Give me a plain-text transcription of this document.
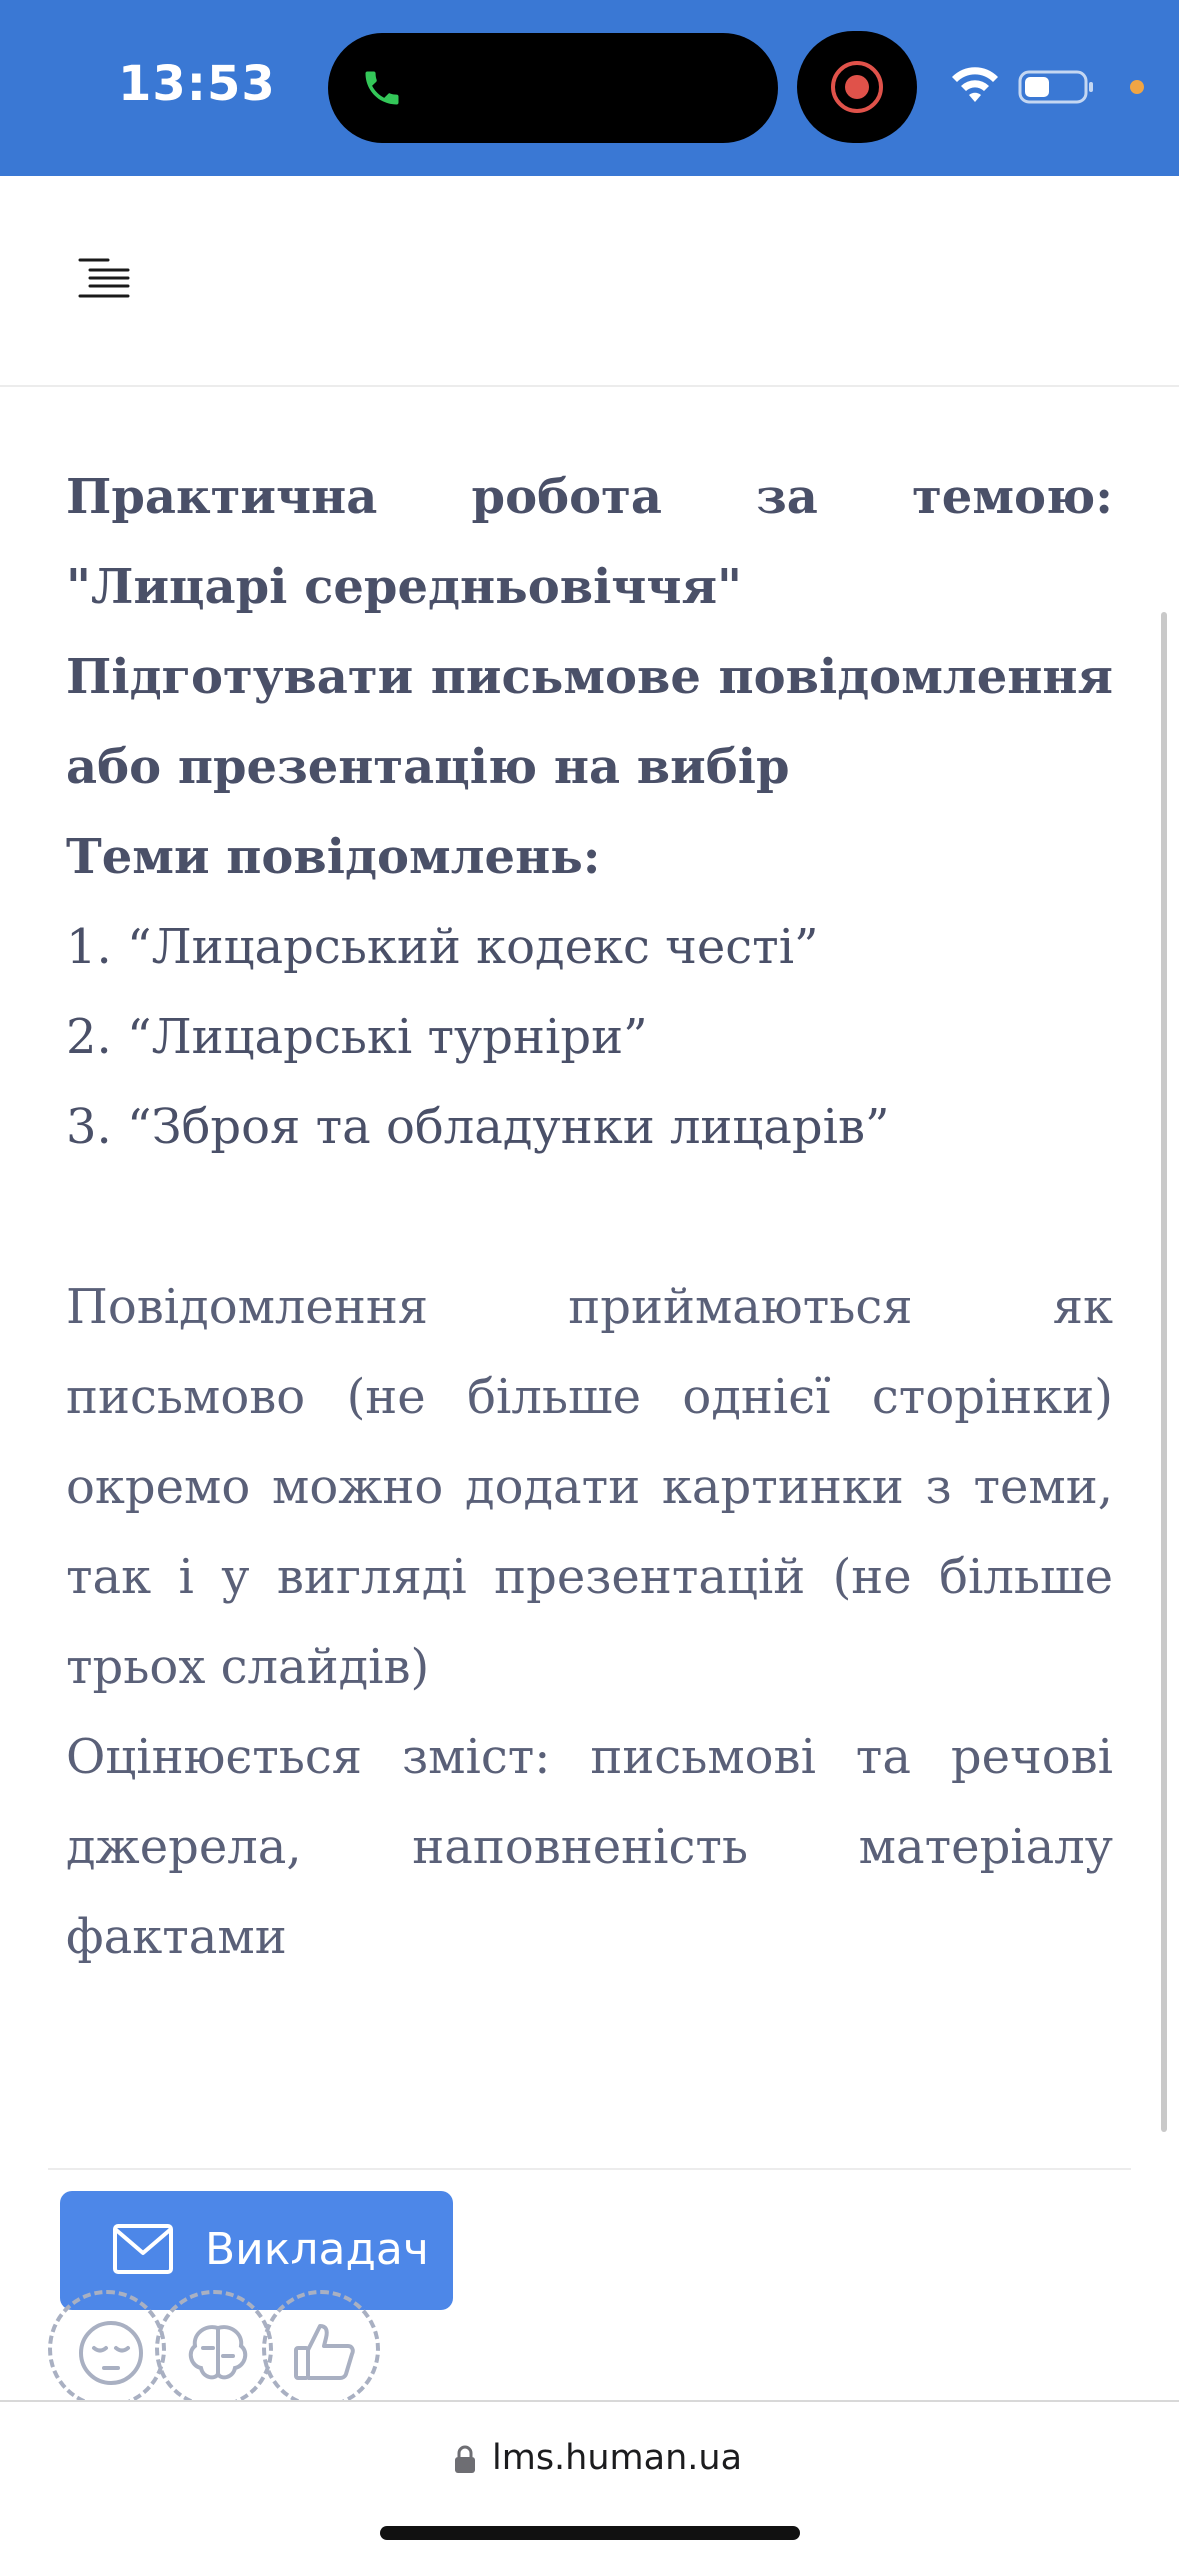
13:53

Практична робота за темою: "Лицарі середньовіччя"

Підготувати письмове повідомлення або презентацію на вибір

Теми повідомлень:

1. “Лицарський кодекс честі”

2. “Лицарські турніри”

3. “Зброя та обладунки лицарів”

Повідомлення приймаються як письмово (не більше однієї сторінки) окремо можно додати картинки з теми, так і у вигляді презентацій (не більше трьох слайдів)

Оцінюється зміст: письмові та речові джерела, наповненість матеріалу фактами

Викладач
lms.human.ua
